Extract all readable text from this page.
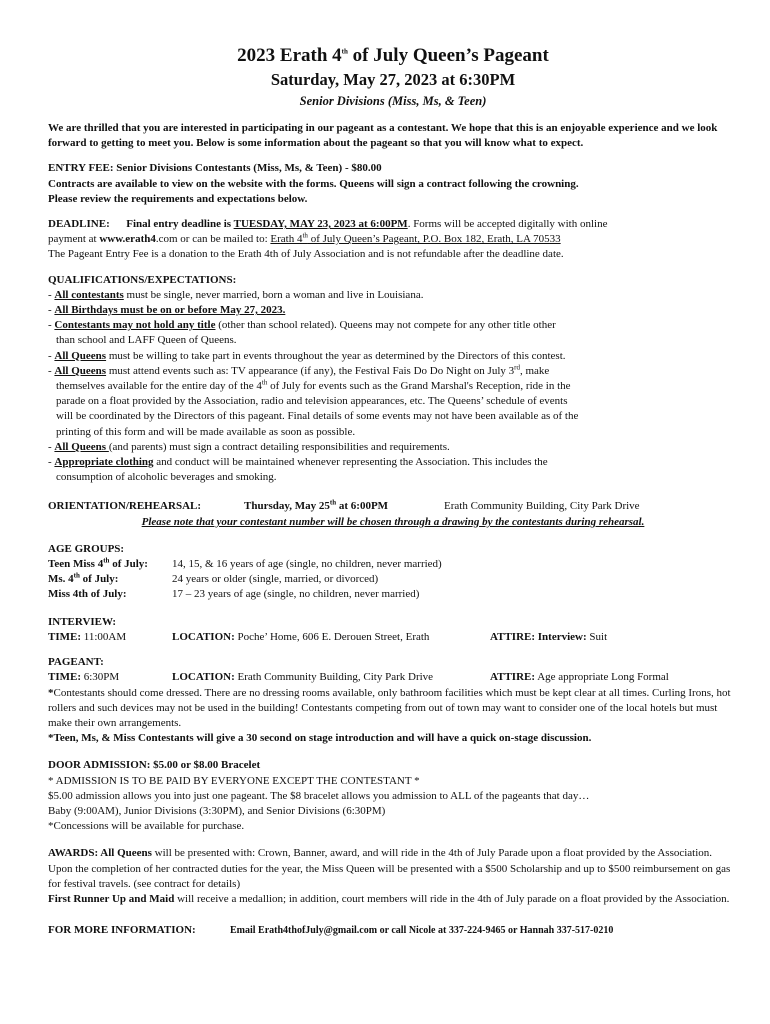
2023 Erath 4th of July Queen’s Pageant
Saturday, May 27, 2023 at 6:30PM
Senior Divisions (Miss, Ms, & Teen)

We are thrilled that you are interested in participating in our pageant as a contestant. We hope that this is an enjoyable experience and we look forward to getting to meet you. Below is some information about the pageant so that you will know what to expect.

ENTRY FEE: Senior Divisions Contestants (Miss, Ms, & Teen) - $80.00

Contracts are available to view on the website with the forms. Queens will sign a contract following the crowning.

Please review the requirements and expectations below.

DEADLINE: Final entry deadline is TUESDAY, MAY 23, 2023 at 6:00PM. Forms will be accepted digitally with online

payment at www.erath4.com or can be mailed to: Erath 4th of July Queen’s Pageant, P.O. Box 182, Erath, LA 70533

The Pageant Entry Fee is a donation to the Erath 4th of July Association and is not refundable after the deadline date.

QUALIFICATIONS/EXPECTATIONS:

- All contestants must be single, never married, born a woman and live in Louisiana.

- All Birthdays must be on or before May 27, 2023.

- Contestants may not hold any title (other than school related). Queens may not compete for any other title other

than school and LAFF Queen of Queens.

- All Queens must be willing to take part in events throughout the year as determined by the Directors of this contest.

- All Queens must attend events such as: TV appearance (if any), the Festival Fais Do Do Night on July 3rd, make

themselves available for the entire day of the 4th of July for events such as the Grand Marshal's Reception, ride in the

parade on a float provided by the Association, radio and television appearances, etc. The Queens’ schedule of events

will be coordinated by the Directors of this pageant. Final details of some events may not have been available as of the

printing of this form and will be made available as soon as possible.

- All Queens (and parents) must sign a contract detailing responsibilities and requirements.

- Appropriate clothing and conduct will be maintained whenever representing the Association. This includes the

consumption of alcoholic beverages and smoking.

ORIENTATION/REHEARSAL:	Thursday, May 25th at 6:00PM	Erath Community Building, City Park Drive

Please note that your contestant number will be chosen through a drawing by the contestants during rehearsal.

AGE GROUPS:

Teen Miss 4th of July:	14, 15, & 16 years of age (single, no children, never married)
Ms. 4th of July:	24 years or older (single, married, or divorced)
Miss 4th of July:	17 – 23 years of age (single, no children, never married)

INTERVIEW:

TIME: 11:00AM	LOCATION: Poche’ Home, 606 E. Derouen Street, Erath	ATTIRE: Interview: Suit

PAGEANT:

TIME: 6:30PM	LOCATION: Erath Community Building, City Park Drive	ATTIRE: Age appropriate Long Formal

*Contestants should come dressed. There are no dressing rooms available, only bathroom facilities which must be kept clear at all times. Curling Irons, hot rollers and such devices may not be used in the building! Contestants competing from out of town may want to consider one of the local hotels but must make their own arrangements.

*Teen, Ms, & Miss Contestants will give a 30 second on stage introduction and will have a quick on-stage discussion.

DOOR ADMISSION: $5.00 or $8.00 Bracelet

* ADMISSION IS TO BE PAID BY EVERYONE EXCEPT THE CONTESTANT *

$5.00 admission allows you into just one pageant. The $8 bracelet allows you admission to ALL of the pageants that day…

Baby (9:00AM), Junior Divisions (3:30PM), and Senior Divisions (6:30PM)

*Concessions will be available for purchase.

AWARDS: All Queens will be presented with: Crown, Banner, award, and will ride in the 4th of July Parade upon a float provided by the Association. Upon the completion of her contracted duties for the year, the Miss Queen will be presented with a $500 Scholarship and up to $500 reimbursement on gas for festival travels. (see contract for details)

First Runner Up and Maid will receive a medallion; in addition, court members will ride in the 4th of July parade on a float provided by the Association.

FOR MORE INFORMATION:	Email Erath4thofJuly@gmail.com or call Nicole at 337-224-9465 or Hannah 337-517-0210
